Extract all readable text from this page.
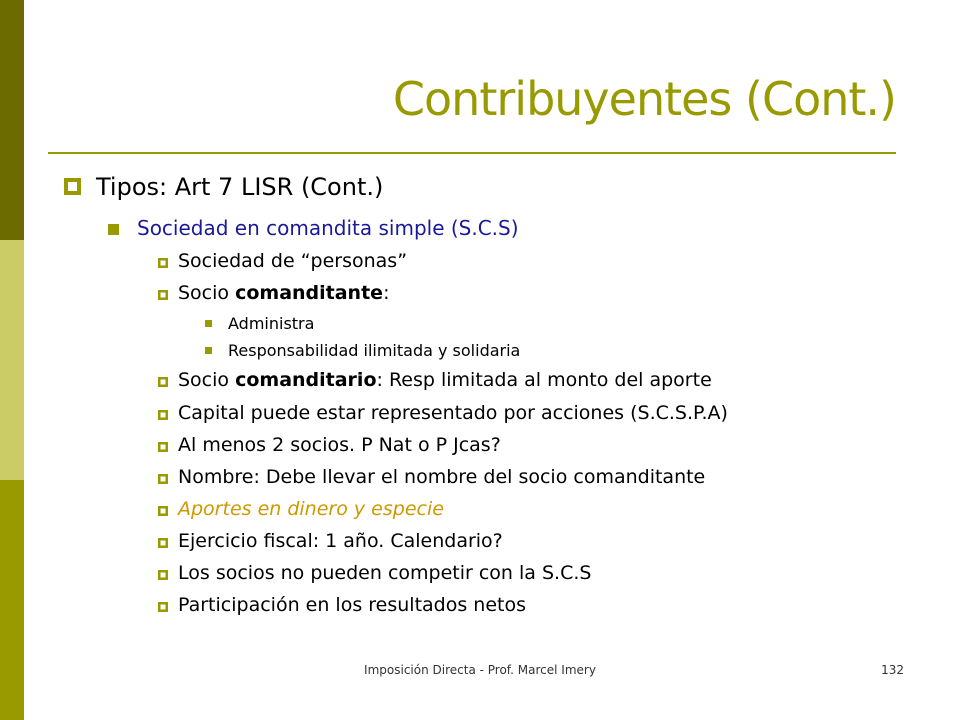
Contribuyentes (Cont.)
Tipos: Art 7 LISR (Cont.)
Sociedad en comandita simple (S.C.S)
Sociedad de “personas”
Socio comanditante:
Administra
Responsabilidad ilimitada y solidaria
Socio comanditario: Resp limitada al monto del aporte
Capital puede estar representado por acciones (S.C.S.P.A)
Al menos 2 socios. P Nat o P Jcas?
Nombre: Debe llevar el nombre del socio comanditante
Aportes en dinero y especie
Ejercicio fiscal: 1 año. Calendario?
Los socios no pueden competir con la S.C.S
Participación en los resultados netos
Imposición Directa - Prof. Marcel Imery	132
